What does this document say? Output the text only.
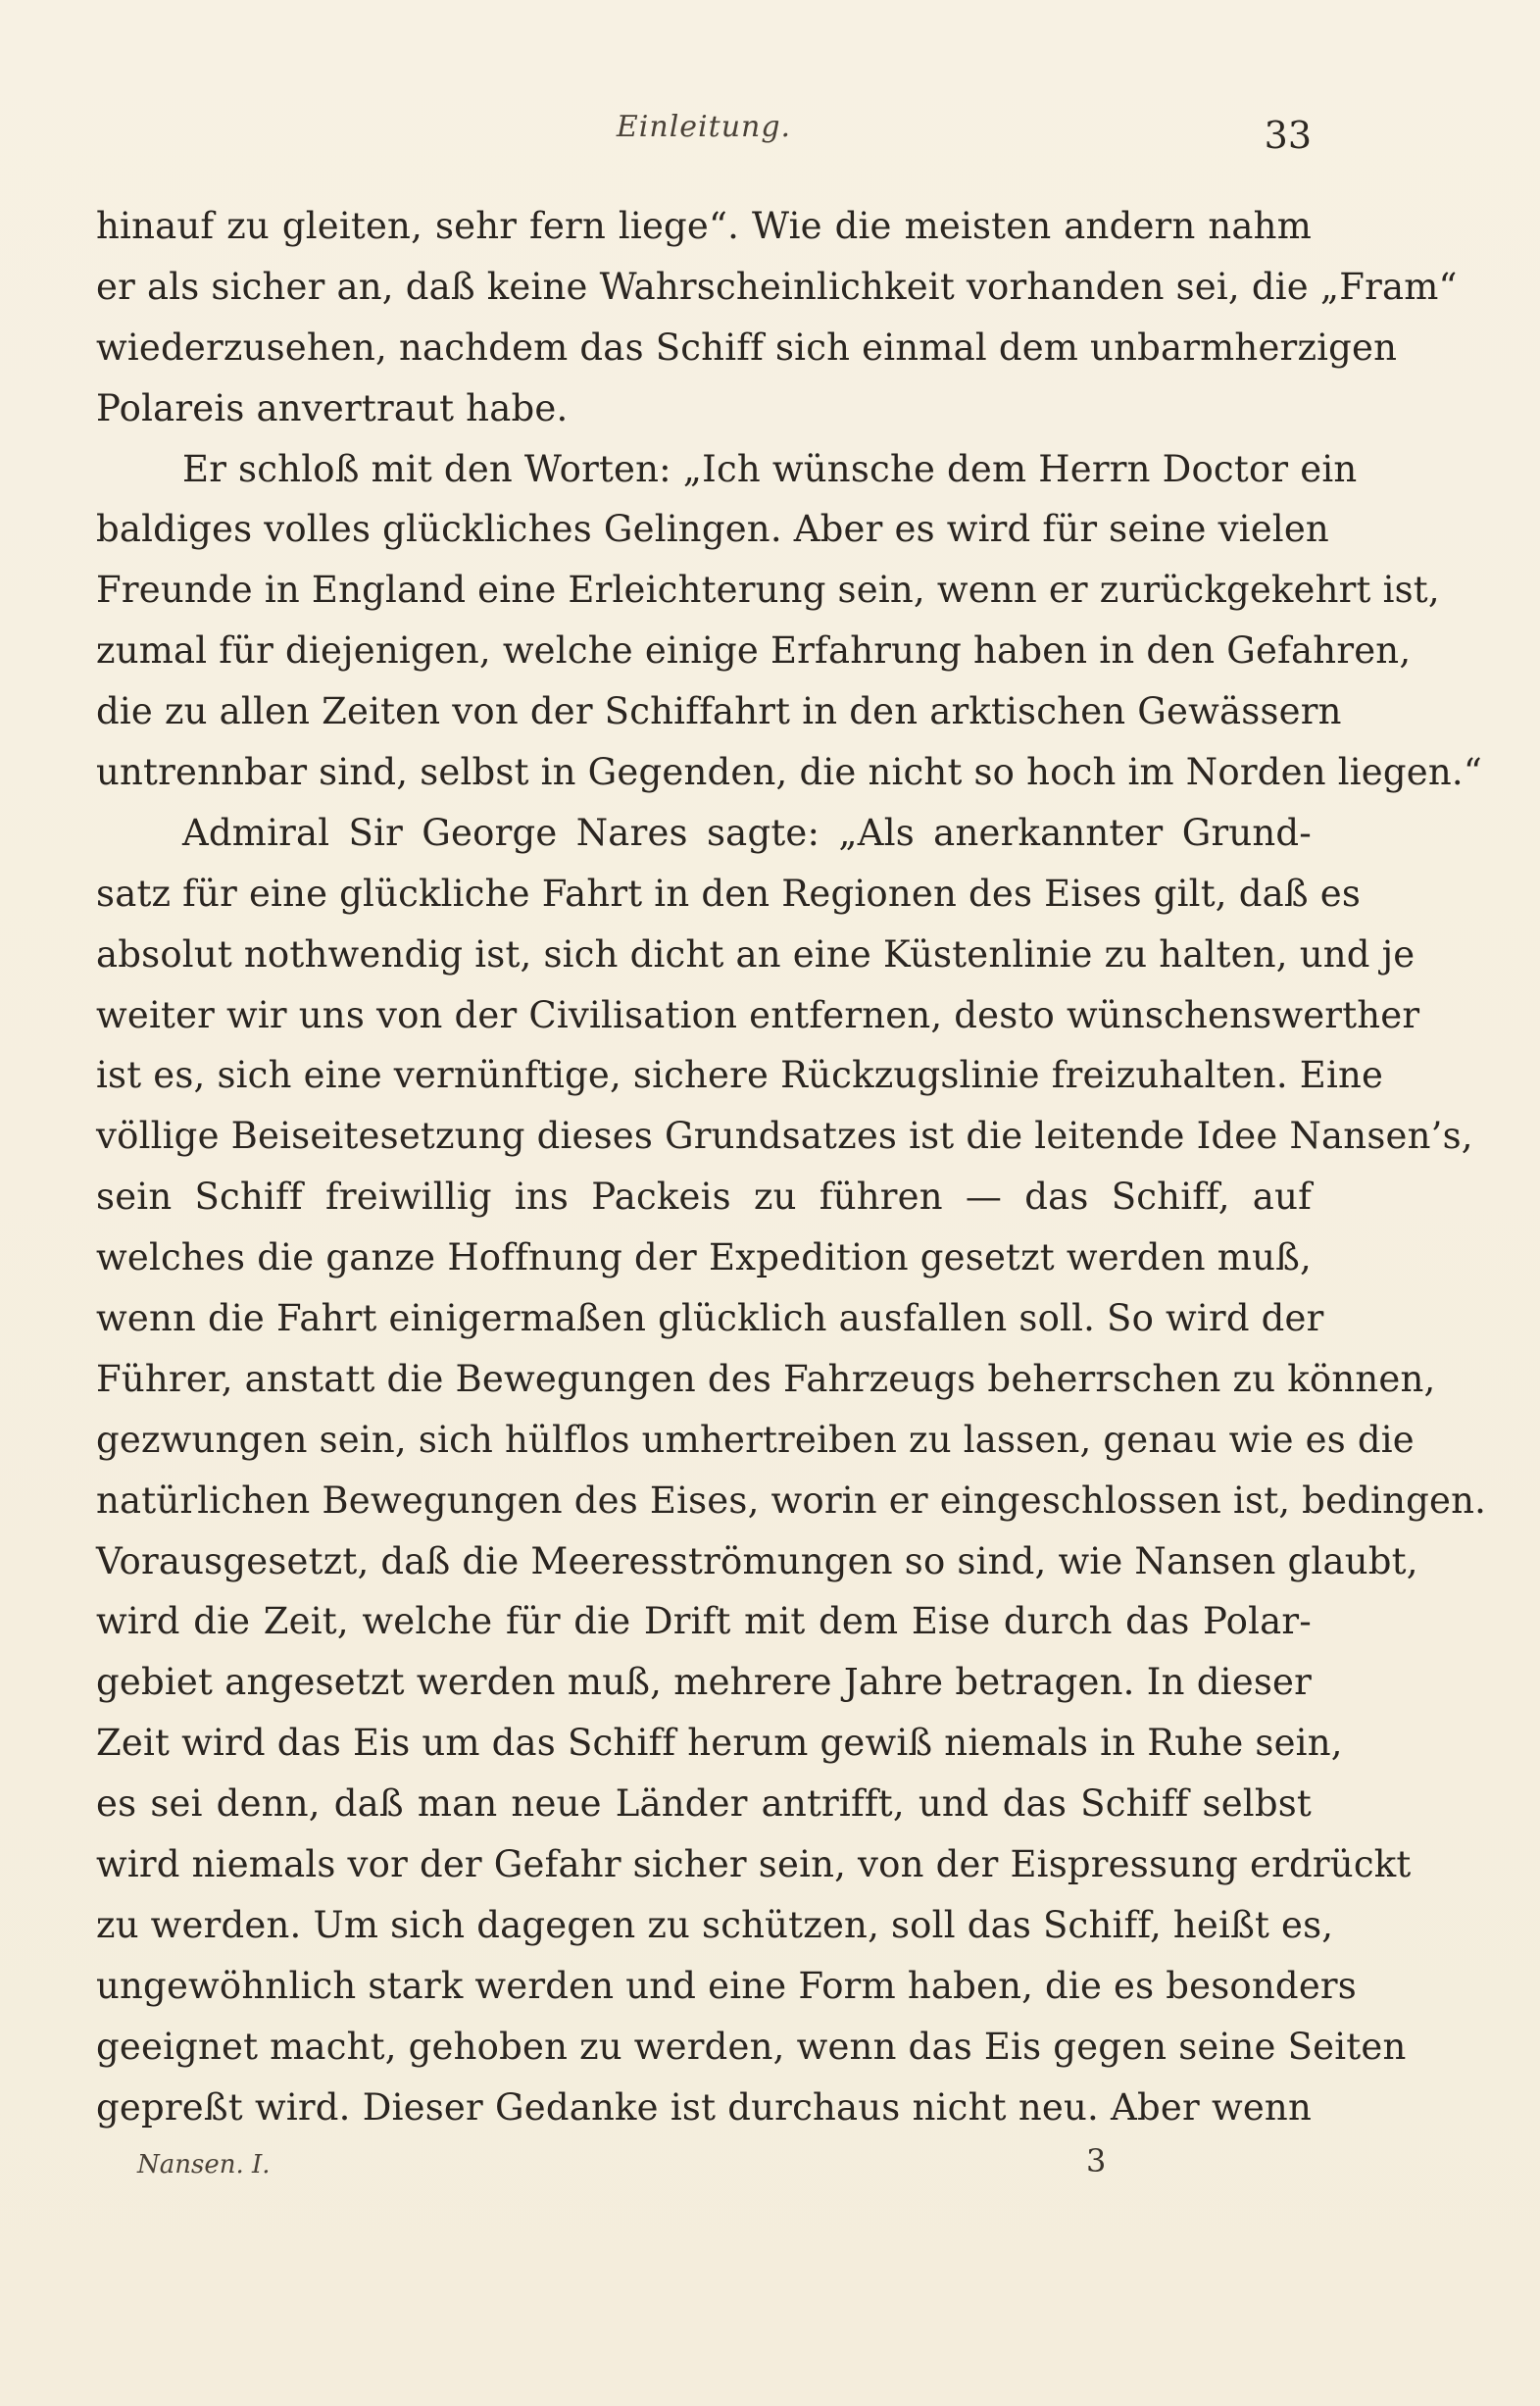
Einleitung.	33
hinauf zu gleiten, sehr fern liege“. Wie die meisten andern nahm
er als sicher an, daß keine Wahrscheinlichkeit vorhanden sei, die „Fram“
wiederzusehen, nachdem das Schiff sich einmal dem unbarmherzigen
Polareis anvertraut habe.
Er schloß mit den Worten: „Ich wünsche dem Herrn Doctor ein
baldiges volles glückliches Gelingen. Aber es wird für seine vielen
Freunde in England eine Erleichterung sein, wenn er zurückgekehrt ist,
zumal für diejenigen, welche einige Erfahrung haben in den Gefahren,
die zu allen Zeiten von der Schiffahrt in den arktischen Gewässern
untrennbar sind, selbst in Gegenden, die nicht so hoch im Norden liegen.“
Admiral Sir George Nares sagte: „Als anerkannter Grund-
satz für eine glückliche Fahrt in den Regionen des Eises gilt, daß es
absolut nothwendig ist, sich dicht an eine Küstenlinie zu halten, und je
weiter wir uns von der Civilisation entfernen, desto wünschenswerther
ist es, sich eine vernünftige, sichere Rückzugslinie freizuhalten. Eine
völlige Beiseitesetzung dieses Grundsatzes ist die leitende Idee Nansen’s,
sein Schiff freiwillig ins Packeis zu führen — das Schiff, auf
welches die ganze Hoffnung der Expedition gesetzt werden muß,
wenn die Fahrt einigermaßen glücklich ausfallen soll. So wird der
Führer, anstatt die Bewegungen des Fahrzeugs beherrschen zu können,
gezwungen sein, sich hülflos umhertreiben zu lassen, genau wie es die
natürlichen Bewegungen des Eises, worin er eingeschlossen ist, bedingen.
Vorausgesetzt, daß die Meeresströmungen so sind, wie Nansen glaubt,
wird die Zeit, welche für die Drift mit dem Eise durch das Polar-
gebiet angesetzt werden muß, mehrere Jahre betragen. In dieser
Zeit wird das Eis um das Schiff herum gewiß niemals in Ruhe sein,
es sei denn, daß man neue Länder antrifft, und das Schiff selbst
wird niemals vor der Gefahr sicher sein, von der Eispressung erdrückt
zu werden. Um sich dagegen zu schützen, soll das Schiff, heißt es,
ungewöhnlich stark werden und eine Form haben, die es besonders
geeignet macht, gehoben zu werden, wenn das Eis gegen seine Seiten
gepreßt wird. Dieser Gedanke ist durchaus nicht neu. Aber wenn
Nansen. I.	3
